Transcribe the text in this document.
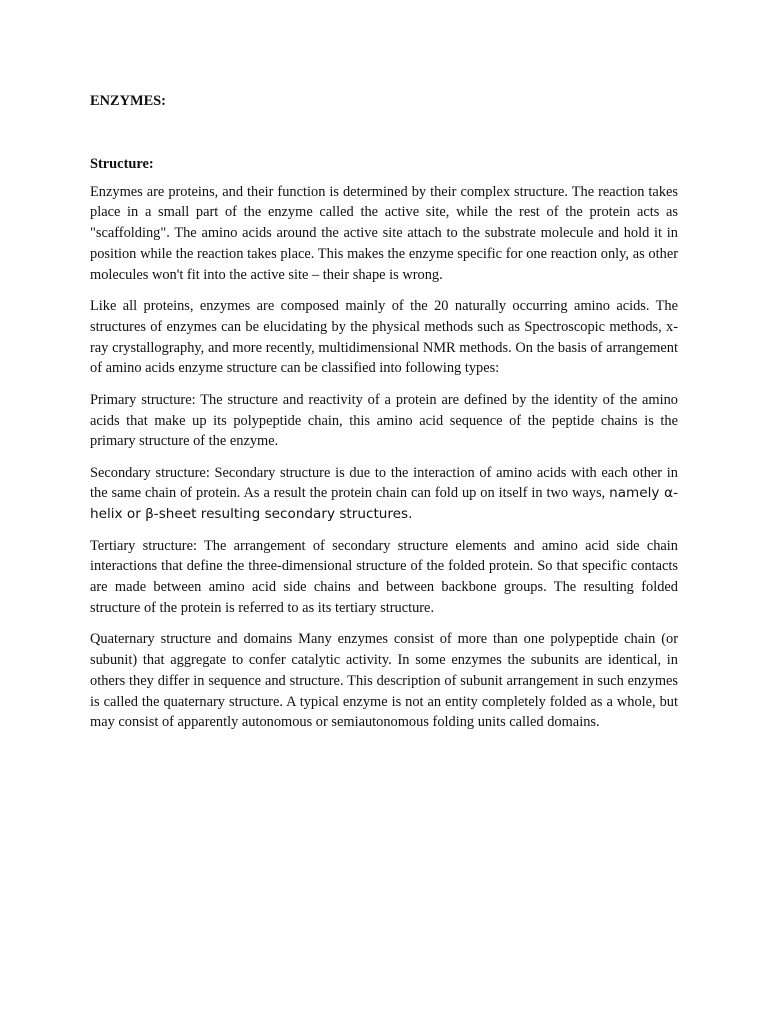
ENZYMES:
Structure:

Enzymes are proteins, and their function is determined by their complex structure. The reaction takes place in a small part of the enzyme called the active site, while the rest of the protein acts as "scaffolding". The amino acids around the active site attach to the substrate molecule and hold it in position while the reaction takes place. This makes the enzyme specific for one reaction only, as other molecules won't fit into the active site – their shape is wrong.

Like all proteins, enzymes are composed mainly of the 20 naturally occurring amino acids. The structures of enzymes can be elucidating by the physical methods such as Spectroscopic methods, x-ray crystallography, and more recently, multidimensional NMR methods. On the basis of arrangement of amino acids enzyme structure can be classified into following types:

Primary structure: The structure and reactivity of a protein are defined by the identity of the amino acids that make up its polypeptide chain, this amino acid sequence of the peptide chains is the primary structure of the enzyme.

Secondary structure: Secondary structure is due to the interaction of amino acids with each other in the same chain of protein. As a result the protein chain can fold up on itself in two ways, namely α-helix or β-sheet resulting secondary structures.

Tertiary structure: The arrangement of secondary structure elements and amino acid side chain interactions that define the three-dimensional structure of the folded protein. So that specific contacts are made between amino acid side chains and between backbone groups. The resulting folded structure of the protein is referred to as its tertiary structure.

Quaternary structure and domains Many enzymes consist of more than one polypeptide chain (or subunit) that aggregate to confer catalytic activity. In some enzymes the subunits are identical, in others they differ in sequence and structure. This description of subunit arrangement in such enzymes is called the quaternary structure. A typical enzyme is not an entity completely folded as a whole, but may consist of apparently autonomous or semiautonomous folding units called domains.
